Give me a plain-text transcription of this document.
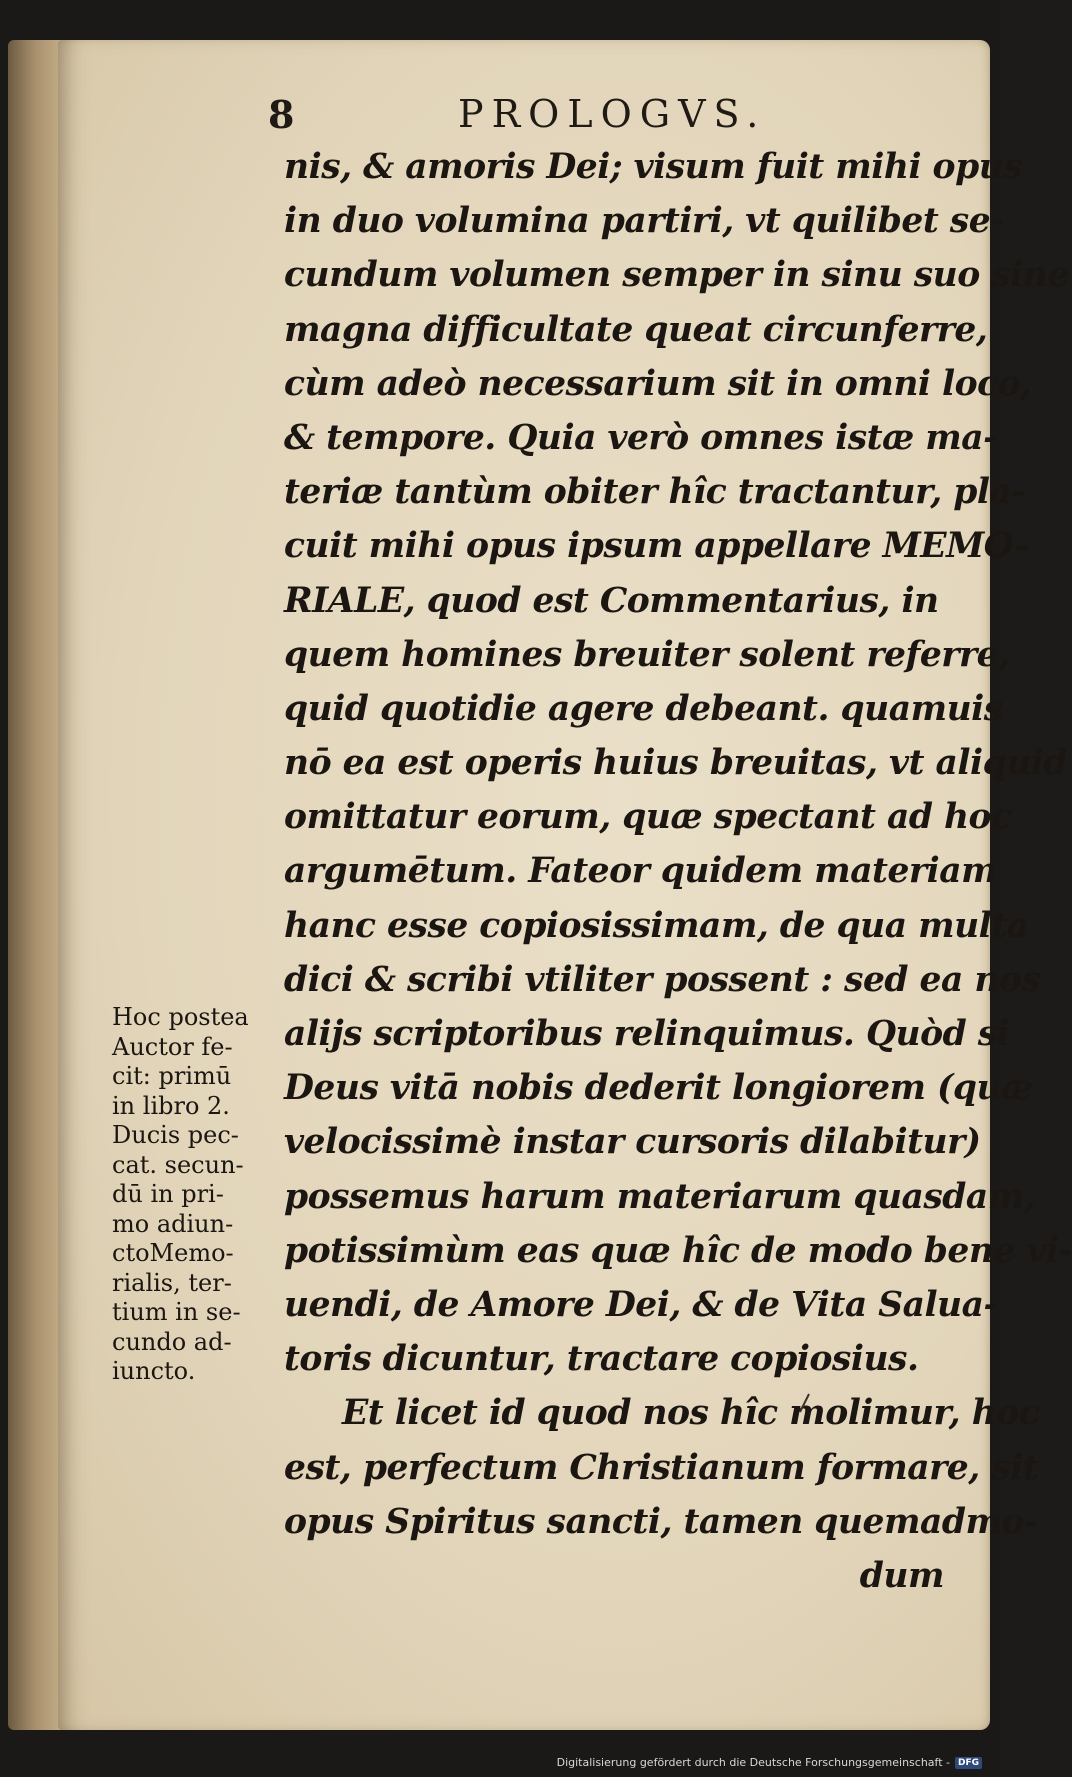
8	PROLOGVS.
nis, & amoris Dei; visum fuit mihi opus
in duo volumina partiri, vt quilibet se-
cundum volumen semper in sinu suo sine
magna difficultate queat circunferre,
cùm adeò necessarium sit in omni loco,
& tempore. Quia verò omnes istæ ma-
teriæ tantùm obiter hîc tractantur, pla-
cuit mihi opus ipsum appellare MEMO-
RIALE, quod est Commentarius, in
quem homines breuiter solent referre,
quid quotidie agere debeant. quamuis
nō ea est operis huius breuitas, vt aliquid
omittatur eorum, quæ spectant ad hoc
argumētum. Fateor quidem materiam
hanc esse copiosissimam, de qua multa
dici & scribi vtiliter possent : sed ea nos
alijs scriptoribus relinquimus. Quòd si
Deus vitā nobis dederit longiorem (quæ
velocissimè instar cursoris dilabitur)
possemus harum materiarum quasdam,
potissimùm eas quæ hîc de modo bene vi-
uendi, de Amore Dei, & de Vita Salua-
toris dicuntur, tractare copiosius.
Et licet id quod nos hîc molimur, hoc
est, perfectum Christianum formare, sit
opus Spiritus sancti, tamen quemadmo-
dum
Hoc postea
Auctor fe-
cit: primū
in libro 2.
Ducis pec-
cat. secun-
dū in pri-
mo adiun-
ctoMemo-
rialis, ter-
tium in se-
cundo ad-
iuncto.
Digitalisierung gefördert durch die Deutsche Forschungsgemeinschaft - DFG
